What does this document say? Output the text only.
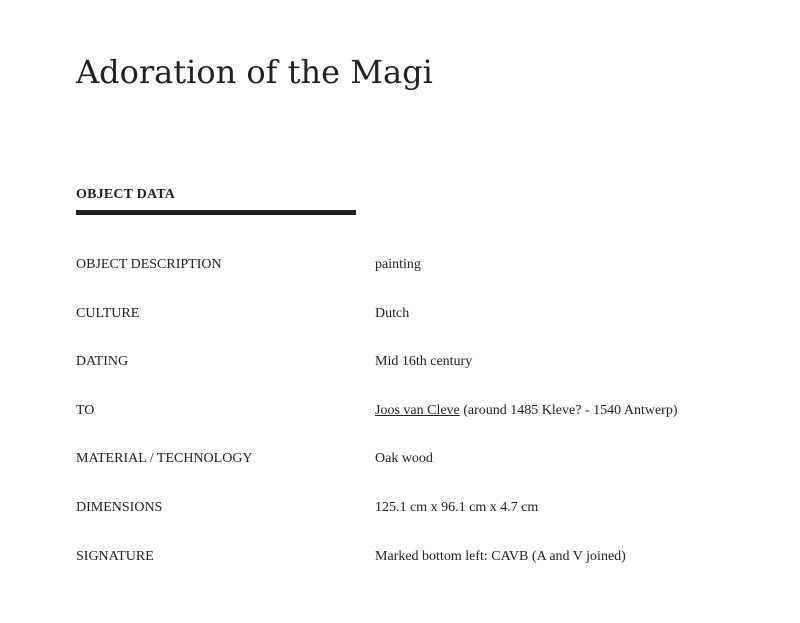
Adoration of the Magi
OBJECT DATA
OBJECT DESCRIPTION	painting
CULTURE	Dutch
DATING	Mid 16th century
TO	Joos van Cleve (around 1485 Kleve? - 1540 Antwerp)
MATERIAL / TECHNOLOGY	Oak wood
DIMENSIONS	125.1 cm x 96.1 cm x 4.7 cm
SIGNATURE	Marked bottom left: CAVB (A and V joined)
